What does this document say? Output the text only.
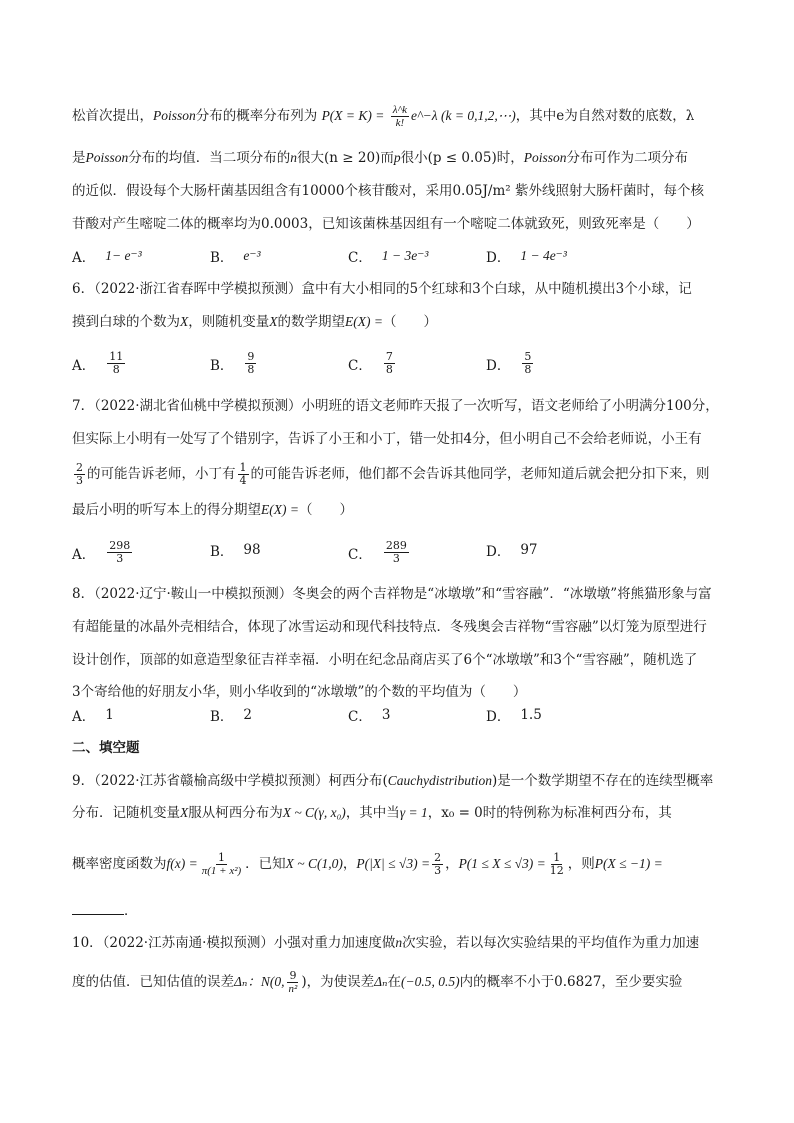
松首次提出，Poisson分布的概率分布列为 $P(X = K) = \frac{\lambda\^{}k}{k!}$ e^−λ (k = 0,1,2,⋯)，其中e为自然对数的底数，λ
是Poisson分布的均值．当二项分布的n很大(n ≥ 20)而p很小(p ≤ 0.05)时，Poisson分布可作为二项分布
的近似．假设每个大肠杆菌基因组含有10000个核苷酸对，采用0.05J/m² 紫外线照射大肠杆菌时，每个核
苷酸对产生嘧啶二体的概率均为0.0003，已知该菌株基因组有一个嘧啶二体就致死，则致死率是（　　）
A． 1− e⁻³	B． e⁻³	C． 1 − 3e⁻³	D． 1 − 4e⁻³
6．（2022·浙江省春晖中学模拟预测）盒中有大小相同的5个红球和3个白球，从中随机摸出3个小球，记
摸到白球的个数为X，则随机变量X的数学期望E(X) =（　　）
A． $\frac{11}{8}$	B． $\frac{9}{8}$	C． $\frac{7}{8}$	D． $\frac{5}{8}$
7．（2022·湖北省仙桃中学模拟预测）小明班的语文老师昨天报了一次听写，语文老师给了小明满分100分，
但实际上小明有一处写了个错别字，告诉了小王和小丁，错一处扣4分，但小明自己不会给老师说，小王有
$\frac{2}{3}$ 的可能告诉老师，小丁有 $\frac{1}{4}$ 的可能告诉老师，他们都不会告诉其他同学，老师知道后就会把分扣下来，则
最后小明的听写本上的得分期望E(X) =（　　）
A． $\frac{298}{3}$	B． 98	C． $\frac{289}{3}$	D． 97
8．（2022·辽宁·鞍山一中模拟预测）冬奥会的两个吉祥物是“冰墩墩”和“雪容融”．“冰墩墩”将熊猫形象与富
有超能量的冰晶外壳相结合，体现了冰雪运动和现代科技特点．冬残奥会吉祥物“雪容融”以灯笼为原型进行
设计创作，顶部的如意造型象征吉祥幸福．小明在纪念品商店买了6个“冰墩墩”和3个“雪容融”，随机选了
3个寄给他的好朋友小华，则小华收到的“冰墩墩”的个数的平均值为（　　）
A． 1	B． 2	C． 3	D． 1.5
二、填空题
9．（2022·江苏省赣榆高级中学模拟预测）柯西分布(Cauchydistribution)是一个数学期望不存在的连续型概率
分布．记随机变量X服从柯西分布为X ~ C(γ, x₀)，其中当γ = 1，x₀ = 0时的特例称为标准柯西分布，其
概率密度函数为$f(x) = \frac{1}{\text{π(1 + x²)}}$ ．已知X ~ C(1,0)，$P(|X| \le √3) = \frac{2}{3}$ ，$P(1 \le X \le √3) = \frac{1}{12}$ ，则P(X ≤ −1) =
．
10．（2022·江苏南通·模拟预测）小强对重力加速度做n次实验，若以每次实验结果的平均值作为重力加速
度的估值．已知估值的误差Δₙ：N(0, $\frac{9}{\text{n²}}$ )，为使误差Δₙ在(−0.5, 0.5)内的概率不小于0.6827，至少要实验
